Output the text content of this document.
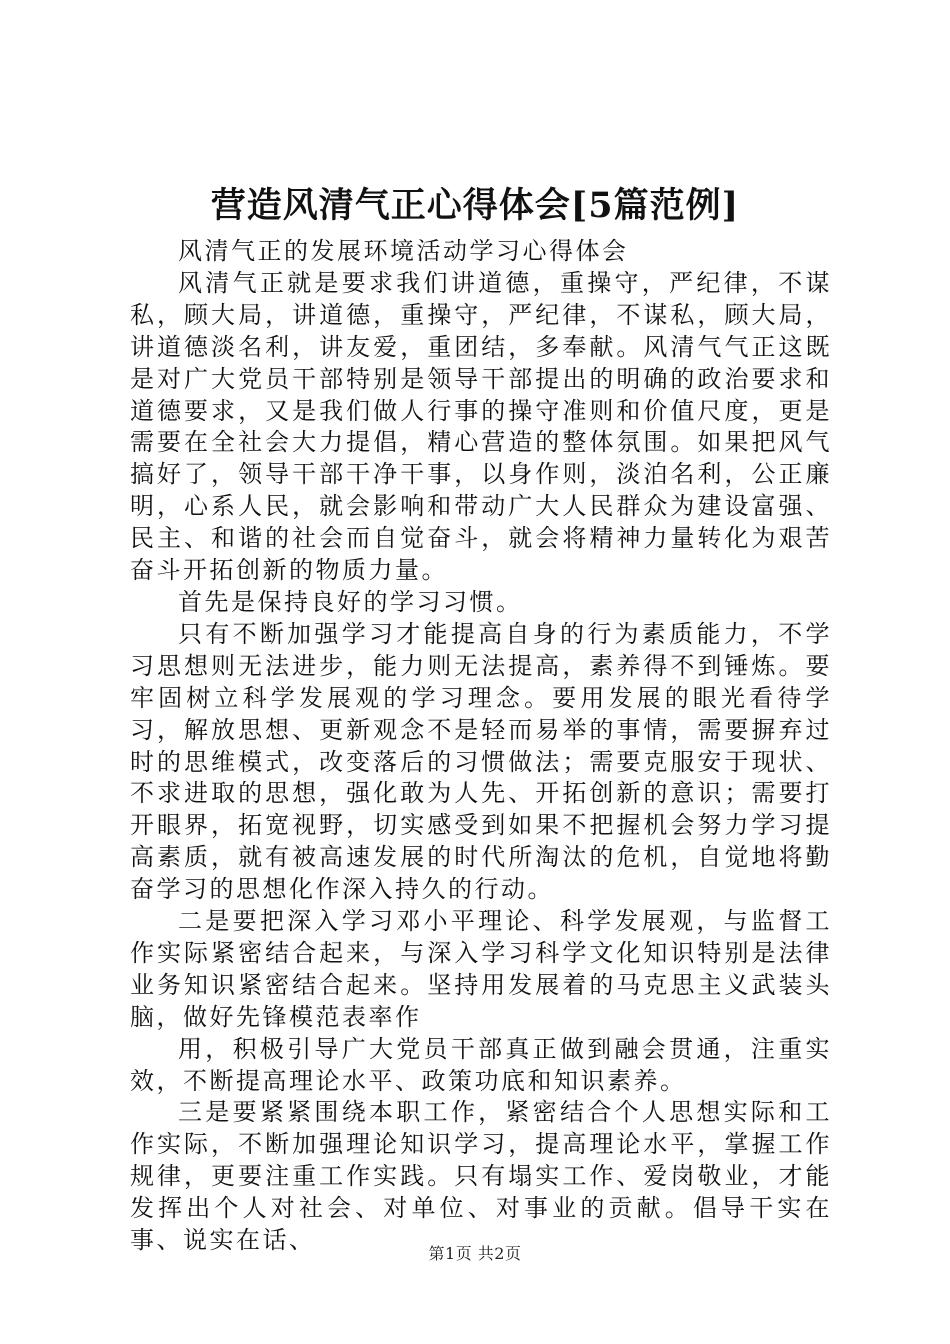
营造风清气正心得体会[5篇范例]

风清气正的发展环境活动学习心得体会

风清气正就是要求我们讲道德，重操守，严纪律，不谋私，顾大局，讲道德，重操守，严纪律，不谋私，顾大局，讲道德淡名利，讲友爱，重团结，多奉献。风清气气正这既是对广大党员干部特别是领导干部提出的明确的政治要求和道德要求，又是我们做人行事的操守准则和价值尺度，更是需要在全社会大力提倡，精心营造的整体氛围。如果把风气搞好了，领导干部干净干事，以身作则，淡泊名利，公正廉明，心系人民，就会影响和带动广大人民群众为建设富强、民主、和谐的社会而自觉奋斗，就会将精神力量转化为艰苦奋斗开拓创新的物质力量。

首先是保持良好的学习习惯。

只有不断加强学习才能提高自身的行为素质能力，不学习思想则无法进步，能力则无法提高，素养得不到锤炼。要牢固树立科学发展观的学习理念。要用发展的眼光看待学习，解放思想、更新观念不是轻而易举的事情，需要摒弃过时的思维模式，改变落后的习惯做法；需要克服安于现状、不求进取的思想，强化敢为人先、开拓创新的意识；需要打开眼界，拓宽视野，切实感受到如果不把握机会努力学习提高素质，就有被高速发展的时代所淘汰的危机，自觉地将勤奋学习的思想化作深入持久的行动。

二是要把深入学习邓小平理论、科学发展观，与监督工作实际紧密结合起来，与深入学习科学文化知识特别是法律业务知识紧密结合起来。坚持用发展着的马克思主义武装头脑，做好先锋模范表率作

用，积极引导广大党员干部真正做到融会贯通，注重实效，不断提高理论水平、政策功底和知识素养。

三是要紧紧围绕本职工作，紧密结合个人思想实际和工作实际，不断加强理论知识学习，提高理论水平，掌握工作规律，更要注重工作实践。只有塌实工作、爱岗敬业，才能发挥出个人对社会、对单位、对事业的贡献。倡导干实在事、说实在话、	第1页 共2页
